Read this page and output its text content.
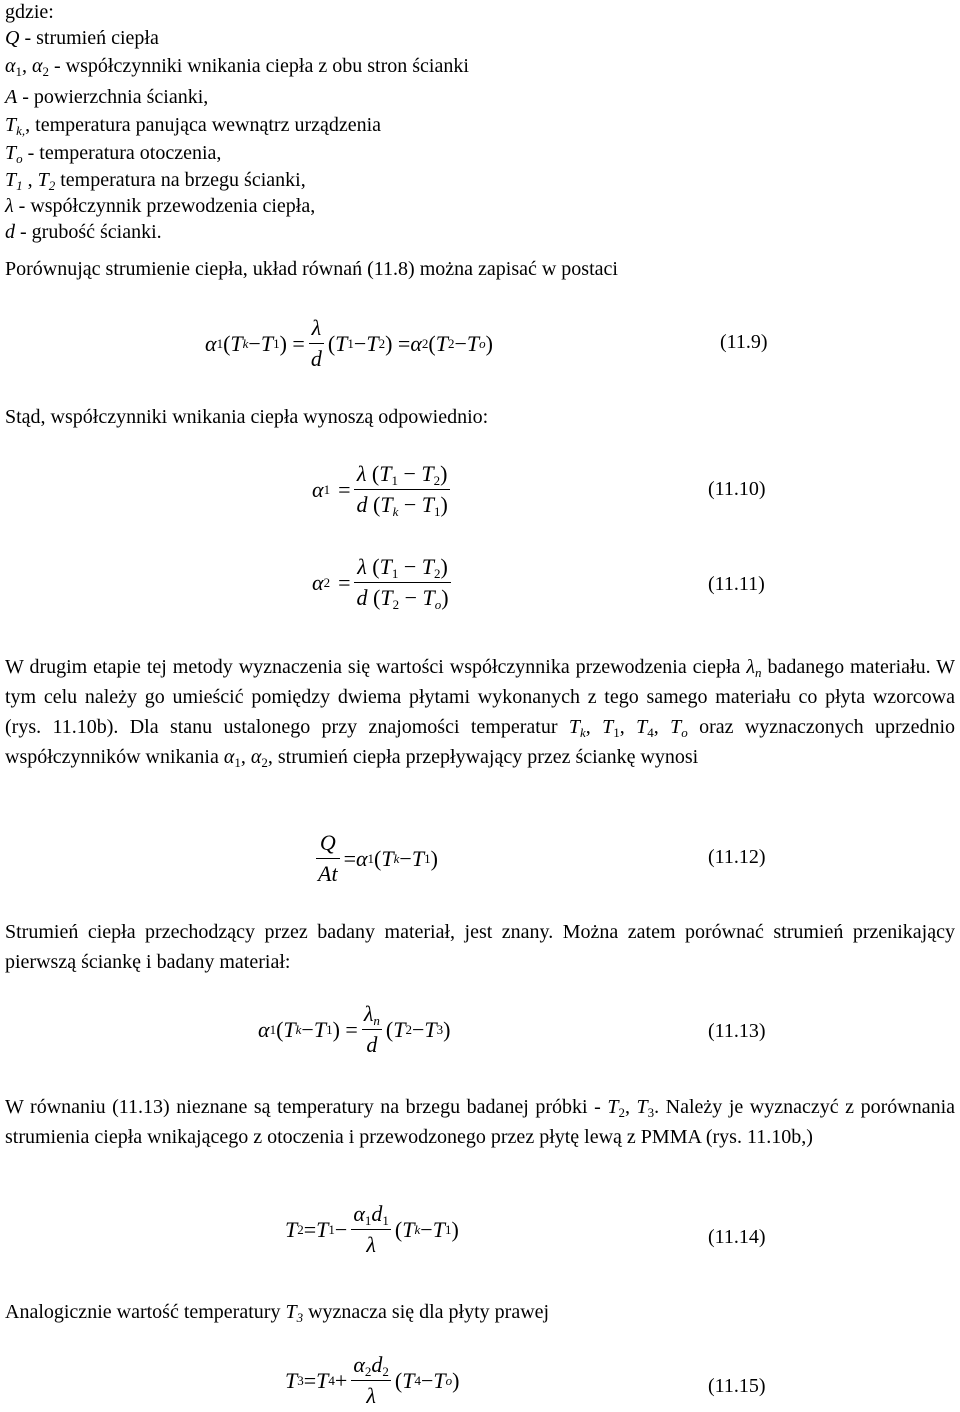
gdzie:
Q - strumień ciepła
$\alpha_1$, $\alpha_2$ - współczynniki wnikania ciepła z obu stron ścianki
A - powierzchnia ścianki,
$T_{k,}$, temperatura panująca wewnątrz urządzenia
$T_o$ - temperatura otoczenia,
$T_1$ , $T_2$ temperatura na brzegu ścianki,
λ - współczynnik przewodzenia ciepła,
d - grubość ścianki.
Porównując strumienie ciepła, układ równań (11.8) można zapisać w postaci
α 1 ( T k − T 1 ) = $\frac{\lambda}{d}$ ( T 1 − T 2 ) = α 2 ( T 2 − T o )	(11.9)
Stąd, współczynniki wnikania ciepła wynoszą odpowiednio:
α $1 = \frac{\lambda (T_1 - T_2)}{d (T_k - T_1)}$	(11.10)
α $2 = \frac{\lambda (T_1 - T_2)}{d (T_2 - T_o)}$	(11.11)
W drugim etapie tej metody wyznaczenia się wartości współczynnika przewodzenia ciepła $\lambda_n$ badanego materiału. W tym celu należy go umieścić pomiędzy dwiema płytami wykonanych z tego samego materiału co płyta wzorcowa (rys. 11.10b). Dla stanu ustalonego przy znajomości temperatur $T_k$, $T_1$, $T_4$, $T_o$ oraz wyznaczonych uprzednio współczynników wnikania $\alpha_1$, $\alpha_2$, strumień ciepła przepływający przez ściankę wynosi
$\frac{Q}{At} = \alpha$ 1 ( T k − T 1 )	(11.12)
Strumień ciepła przechodzący przez badany materiał, jest znany. Można zatem porównać strumień przenikający pierwszą ściankę i badany materiał:
α 1 ( T k − T 1 ) = $\frac{\lambda_n}{d}$ ( T 2 − T 3 )	(11.13)
W równaniu (11.13) nieznane są temperatury na brzegu badanej próbki - $T_2$, $T_3$. Należy je wyznaczyć z porównania strumienia ciepła wnikającego z otoczenia i przewodzonego przez płytę lewą z PMMA (rys. 11.10b,)
T 2 = T $1 - \frac{\alpha_1d_1}{\lambda}$ ( T k − T 1 )	(11.14)
Analogicznie wartość temperatury $T_3$ wyznacza się dla płyty prawej
T 3 = T $4 + \frac{\alpha_2d_2}{\lambda}$ ( T 4 − T o )	(11.15)
